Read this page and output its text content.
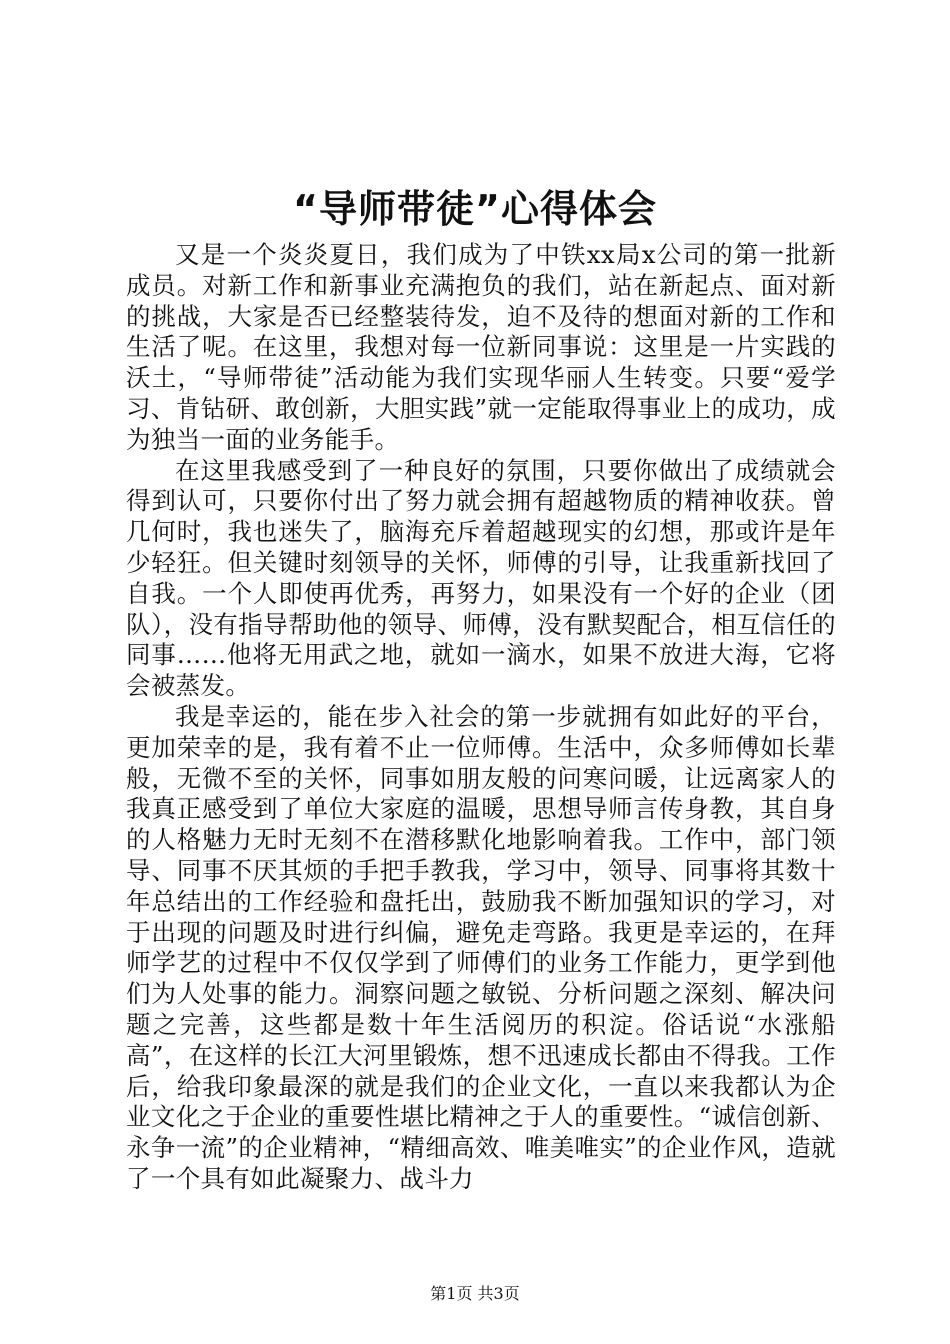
“导师带徒”心得体会

又是一个炎炎夏日，我们成为了中铁xx局x公司的第一批新成员。对新工作和新事业充满抱负的我们，站在新起点、面对新的挑战，大家是否已经整装待发，迫不及待的想面对新的工作和生活了呢。在这里，我想对每一位新同事说：这里是一片实践的沃土，“导师带徒”活动能为我们实现华丽人生转变。只要“爱学习、肯钻研、敢创新，大胆实践”就一定能取得事业上的成功，成为独当一面的业务能手。

在这里我感受到了一种良好的氛围，只要你做出了成绩就会得到认可，只要你付出了努力就会拥有超越物质的精神收获。曾几何时，我也迷失了，脑海充斥着超越现实的幻想，那或许是年少轻狂。但关键时刻领导的关怀，师傅的引导，让我重新找回了自我。一个人即使再优秀，再努力，如果没有一个好的企业（团队），没有指导帮助他的领导、师傅，没有默契配合，相互信任的同事……他将无用武之地，就如一滴水，如果不放进大海，它将会被蒸发。

我是幸运的，能在步入社会的第一步就拥有如此好的平台，更加荣幸的是，我有着不止一位师傅。生活中，众多师傅如长辈般，无微不至的关怀，同事如朋友般的问寒问暖，让远离家人的我真正感受到了单位大家庭的温暖，思想导师言传身教，其自身的人格魅力无时无刻不在潜移默化地影响着我。工作中，部门领导、同事不厌其烦的手把手教我，学习中，领导、同事将其数十年总结出的工作经验和盘托出，鼓励我不断加强知识的学习，对于出现的问题及时进行纠偏，避免走弯路。我更是幸运的，在拜师学艺的过程中不仅仅学到了师傅们的业务工作能力，更学到他们为人处事的能力。洞察问题之敏锐、分析问题之深刻、解决问题之完善，这些都是数十年生活阅历的积淀。俗话说“水涨船高”，在这样的长江大河里锻炼，想不迅速成长都由不得我。工作后，给我印象最深的就是我们的企业文化，一直以来我都认为企业文化之于企业的重要性堪比精神之于人的重要性。“诚信创新、永争一流”的企业精神，“精细高效、唯美唯实”的企业作风，造就了一个具有如此凝聚力、战斗力

第1页 共3页
